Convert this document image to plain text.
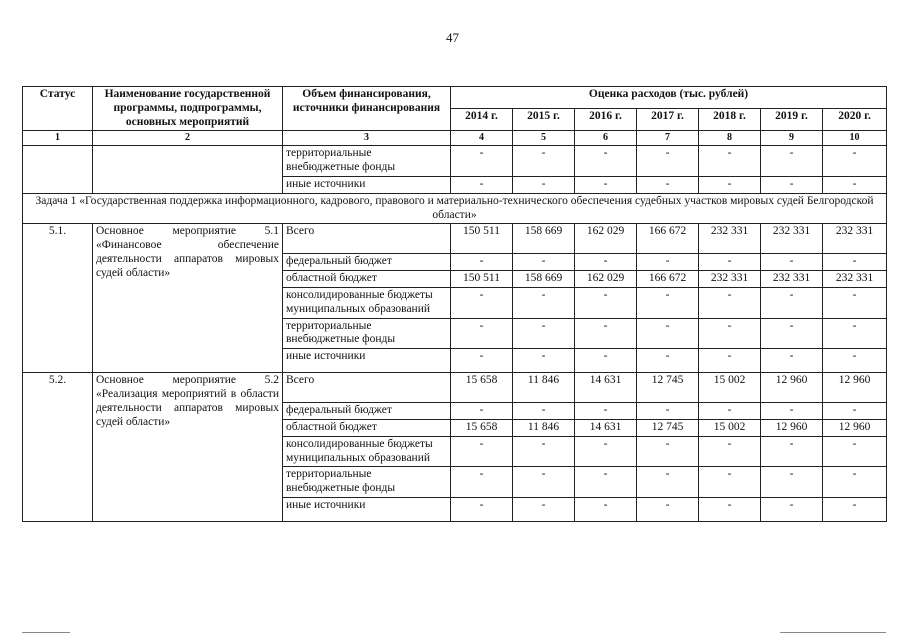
47
Статус	Наименование государственной программы, подпрограммы, основных мероприятий	Объем финансирования, источники финансирования	Оценка расходов (тыс. рублей)						
			2014 г.	2015 г.	2016 г.	2017 г.	2018 г.	2019 г.	2020 г.
1	2	3	4	5	6	7	8	9	10
		территориальные внебюджетные фонды	-	-	-	-	-	-	-
		иные источники	-	-	-	-	-	-	-
Задача 1 «Государственная поддержка информационного, кадрового, правового и материально-технического обеспечения судебных участков мировых судей Белгородской области»									
5.1.	Основное мероприятие 5.1 «Финансовое обеспечение деятельности аппаратов мировых судей области»	Всего	150 511	158 669	162 029	166 672	232 331	232 331	232 331
		федеральный бюджет	-	-	-	-	-	-	-
		областной бюджет	150 511	158 669	162 029	166 672	232 331	232 331	232 331
		консолидированные бюджеты муниципальных образований	-	-	-	-	-	-	-
		территориальные внебюджетные фонды	-	-	-	-	-	-	-
		иные источники	-	-	-	-	-	-	-
5.2.	Основное мероприятие 5.2 «Реализация мероприятий в области деятельности аппаратов мировых судей области»	Всего	15 658	11 846	14 631	12 745	15 002	12 960	12 960
		федеральный бюджет	-	-	-	-	-	-	-
		областной бюджет	15 658	11 846	14 631	12 745	15 002	12 960	12 960
		консолидированные бюджеты муниципальных образований	-	-	-	-	-	-	-
		территориальные внебюджетные фонды	-	-	-	-	-	-	-
		иные источники	-	-	-	-	-	-	-
